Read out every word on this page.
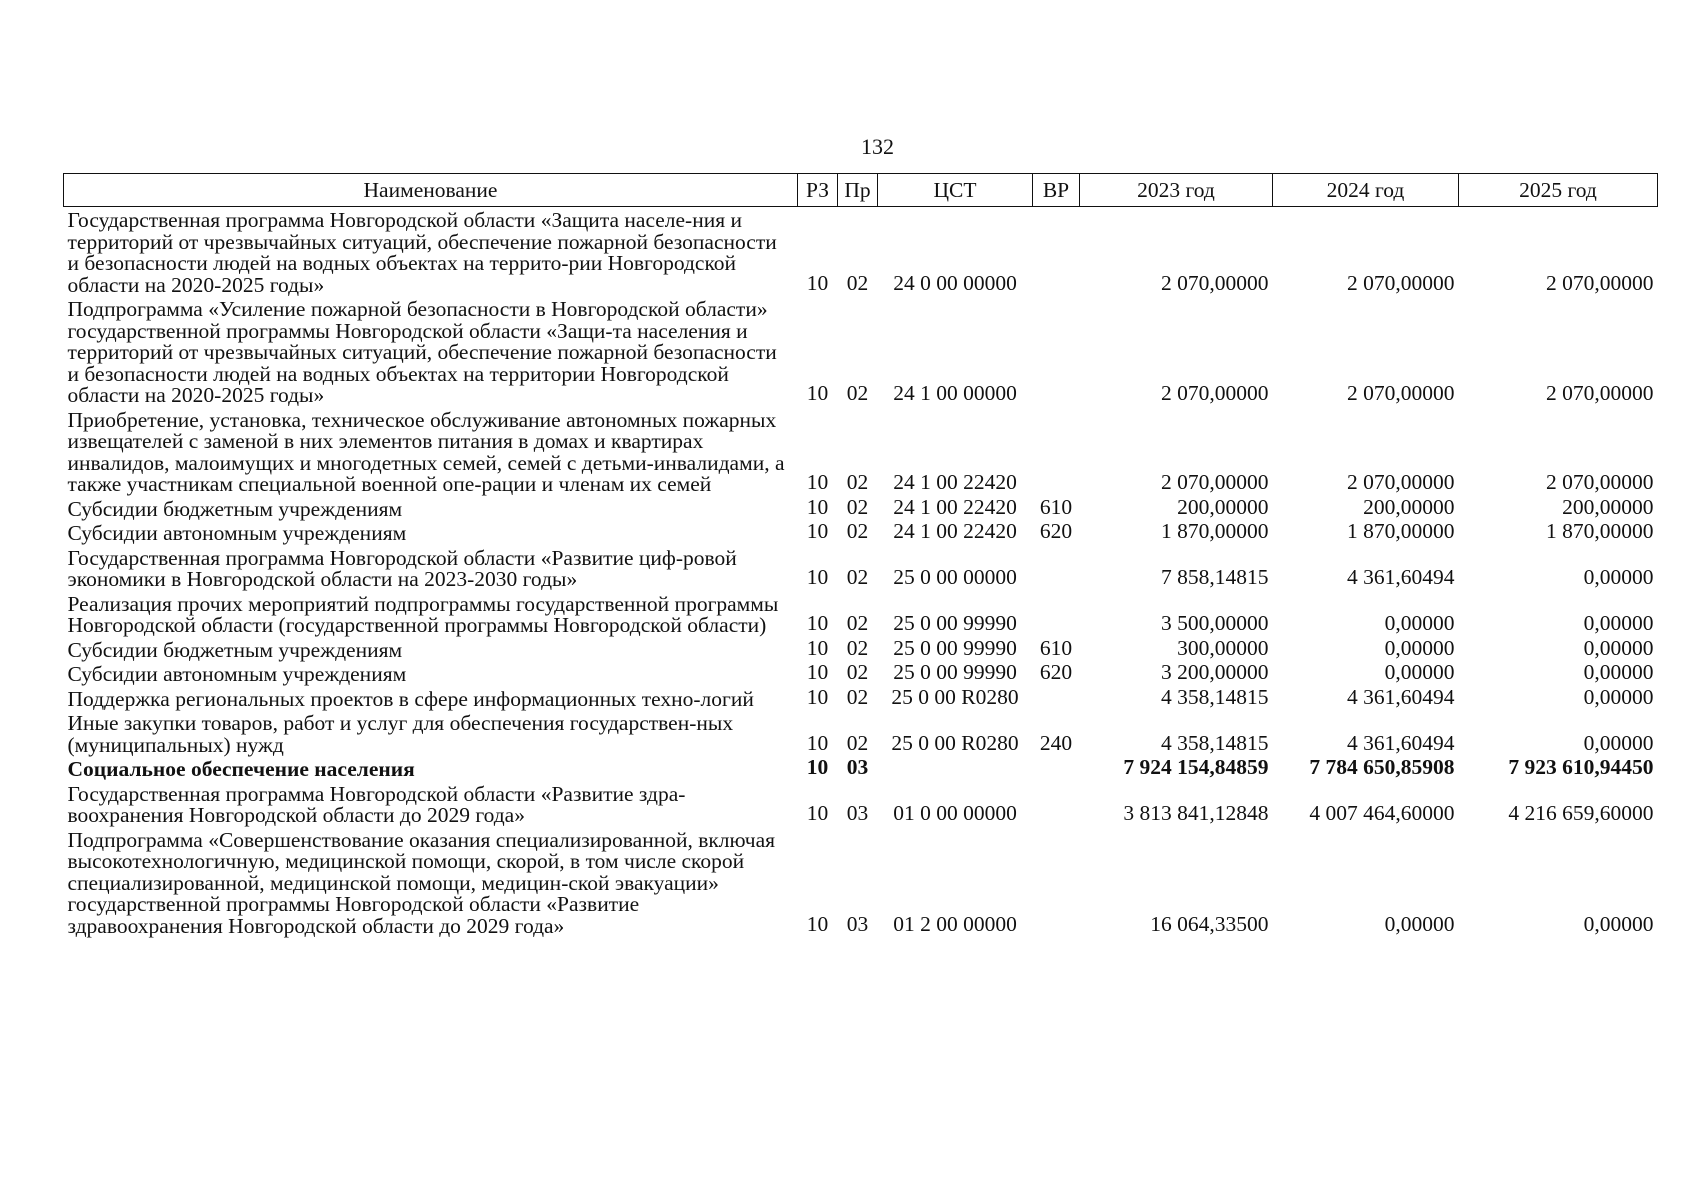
132
Наименование	РЗ	Пр	ЦСТ	ВР	2023 год	2024 год	2025 год
Государственная программа Новгородской области «Защита населе-ния и территорий от чрезвычайных ситуаций, обеспечение пожарной безопасности и безопасности людей на водных объектах на террито-рии Новгородской области на 2020-2025 годы»	10	02	24 0 00 00000		2 070,00000	2 070,00000	2 070,00000
Подпрограмма «Усиление пожарной безопасности в Новгородской области» государственной программы Новгородской области «Защи-та населения и территорий от чрезвычайных ситуаций, обеспечение пожарной безопасности и безопасности людей на водных объектах на территории Новгородской области на 2020-2025 годы»	10	02	24 1 00 00000		2 070,00000	2 070,00000	2 070,00000
Приобретение, установка, техническое обслуживание автономных пожарных извещателей с заменой в них элементов питания в домах и квартирах инвалидов, малоимущих и многодетных семей, семей с детьми-инвалидами, а также участникам специальной военной опе-рации и членам их семей	10	02	24 1 00 22420		2 070,00000	2 070,00000	2 070,00000
Субсидии бюджетным учреждениям	10	02	24 1 00 22420	610	200,00000	200,00000	200,00000
Субсидии автономным учреждениям	10	02	24 1 00 22420	620	1 870,00000	1 870,00000	1 870,00000
Государственная программа Новгородской области «Развитие циф-ровой экономики в Новгородской области на 2023-2030 годы»	10	02	25 0 00 00000		7 858,14815	4 361,60494	0,00000
Реализация прочих мероприятий подпрограммы государственной программы Новгородской области (государственной программы Новгородской области)	10	02	25 0 00 99990		3 500,00000	0,00000	0,00000
Субсидии бюджетным учреждениям	10	02	25 0 00 99990	610	300,00000	0,00000	0,00000
Субсидии автономным учреждениям	10	02	25 0 00 99990	620	3 200,00000	0,00000	0,00000
Поддержка региональных проектов в сфере информационных техно-логий	10	02	25 0 00 R0280		4 358,14815	4 361,60494	0,00000
Иные закупки товаров, работ и услуг для обеспечения государствен-ных (муниципальных) нужд	10	02	25 0 00 R0280	240	4 358,14815	4 361,60494	0,00000
Социальное обеспечение населения	10	03			7 924 154,84859	7 784 650,85908	7 923 610,94450
Государственная программа Новгородской области «Развитие здра-воохранения Новгородской области до 2029 года»	10	03	01 0 00 00000		3 813 841,12848	4 007 464,60000	4 216 659,60000
Подпрограмма «Совершенствование оказания специализированной, включая высокотехнологичную, медицинской помощи, скорой, в том числе скорой специализированной, медицинской помощи, медицин-ской эвакуации» государственной программы Новгородской области «Развитие здравоохранения Новгородской области до 2029 года»	10	03	01 2 00 00000		16 064,33500	0,00000	0,00000
